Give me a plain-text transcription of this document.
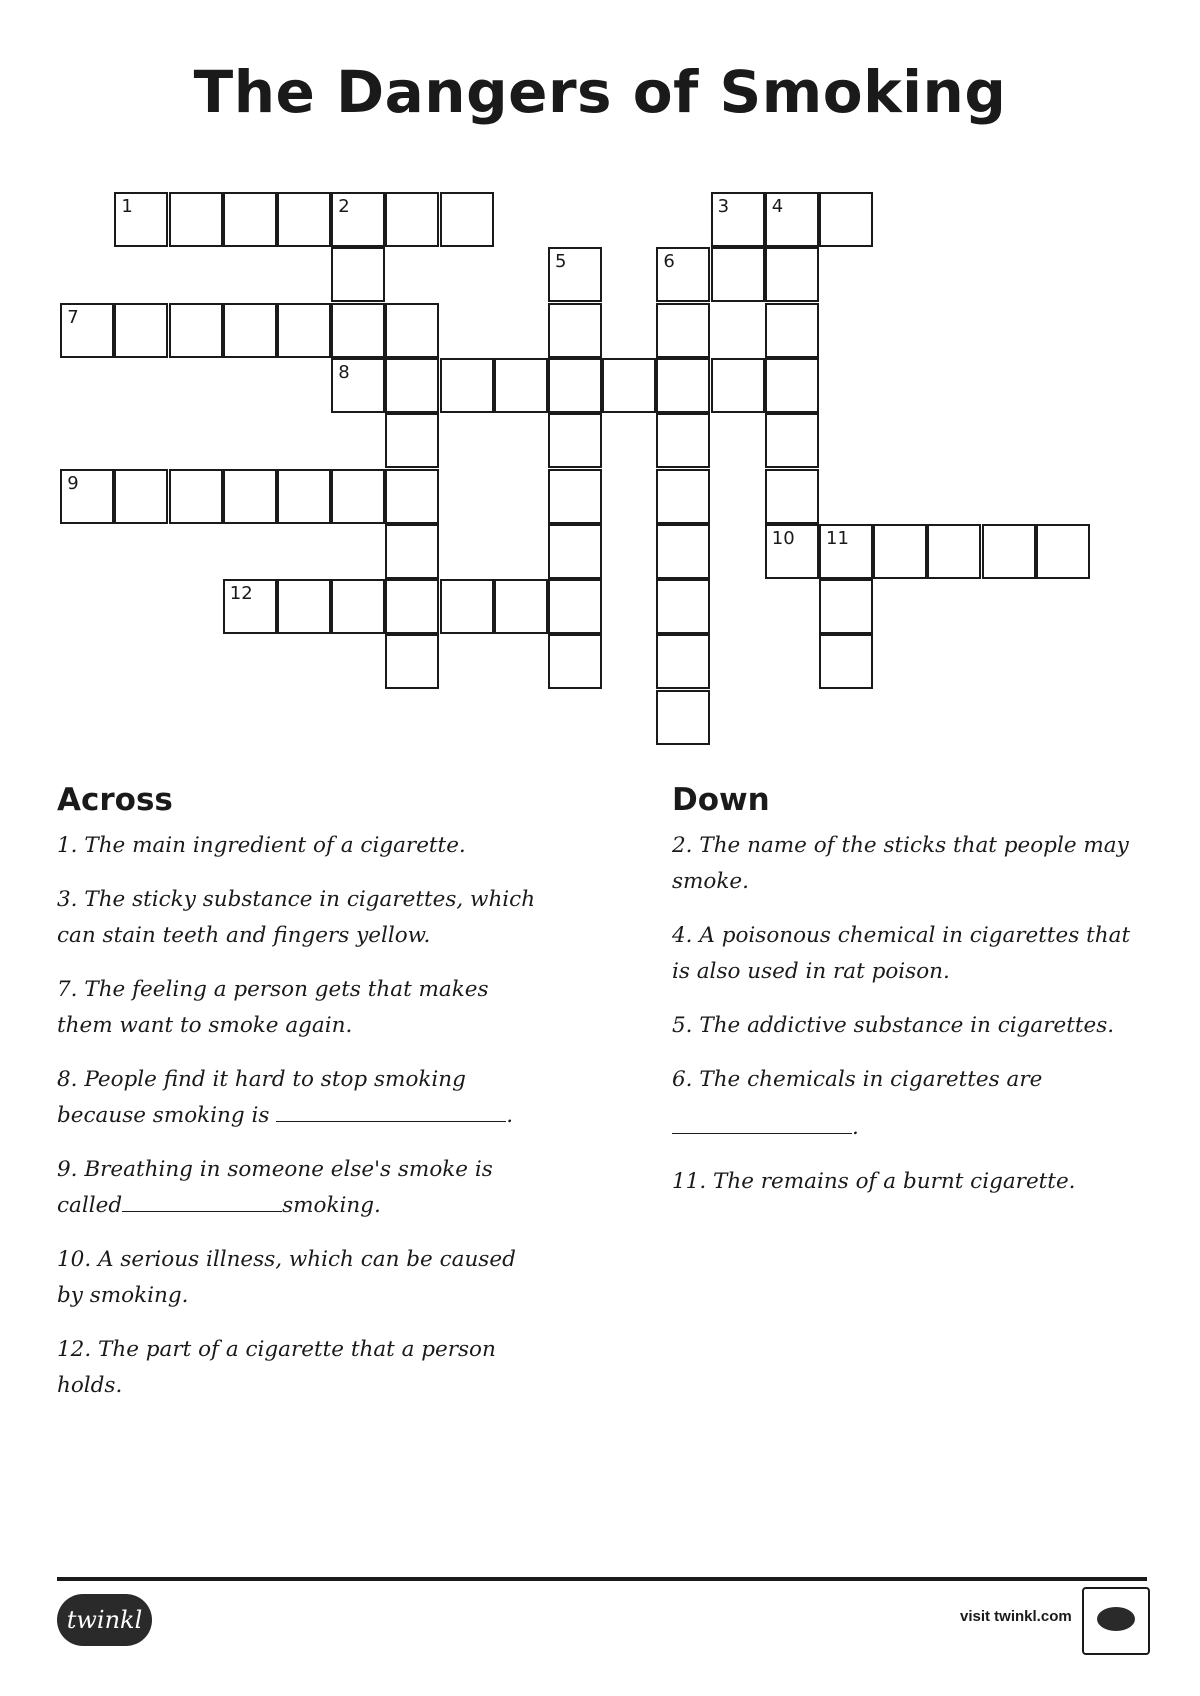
The Dangers of Smoking
1	2	3 4
5	6
7
8
9
10 11
12
Across
1. The main ingredient of a cigarette.
3. The sticky substance in cigarettes, which can stain teeth and fingers yellow.
7. The feeling a person gets that makes them want to smoke again.
8. People find it hard to stop smoking because smoking is	.
9. Breathing in someone else's smoke is called	smoking.
10. A serious illness, which can be caused by smoking.
12. The part of a cigarette that a person holds.
Down
2. The name of the sticks that people may smoke.
4. A poisonous chemical in cigarettes that is also used in rat poison.
5. The addictive substance in cigarettes.
6. The chemicals in cigarettes are

.
11. The remains of a burnt cigarette.
twinkl	visit twinkl.com
